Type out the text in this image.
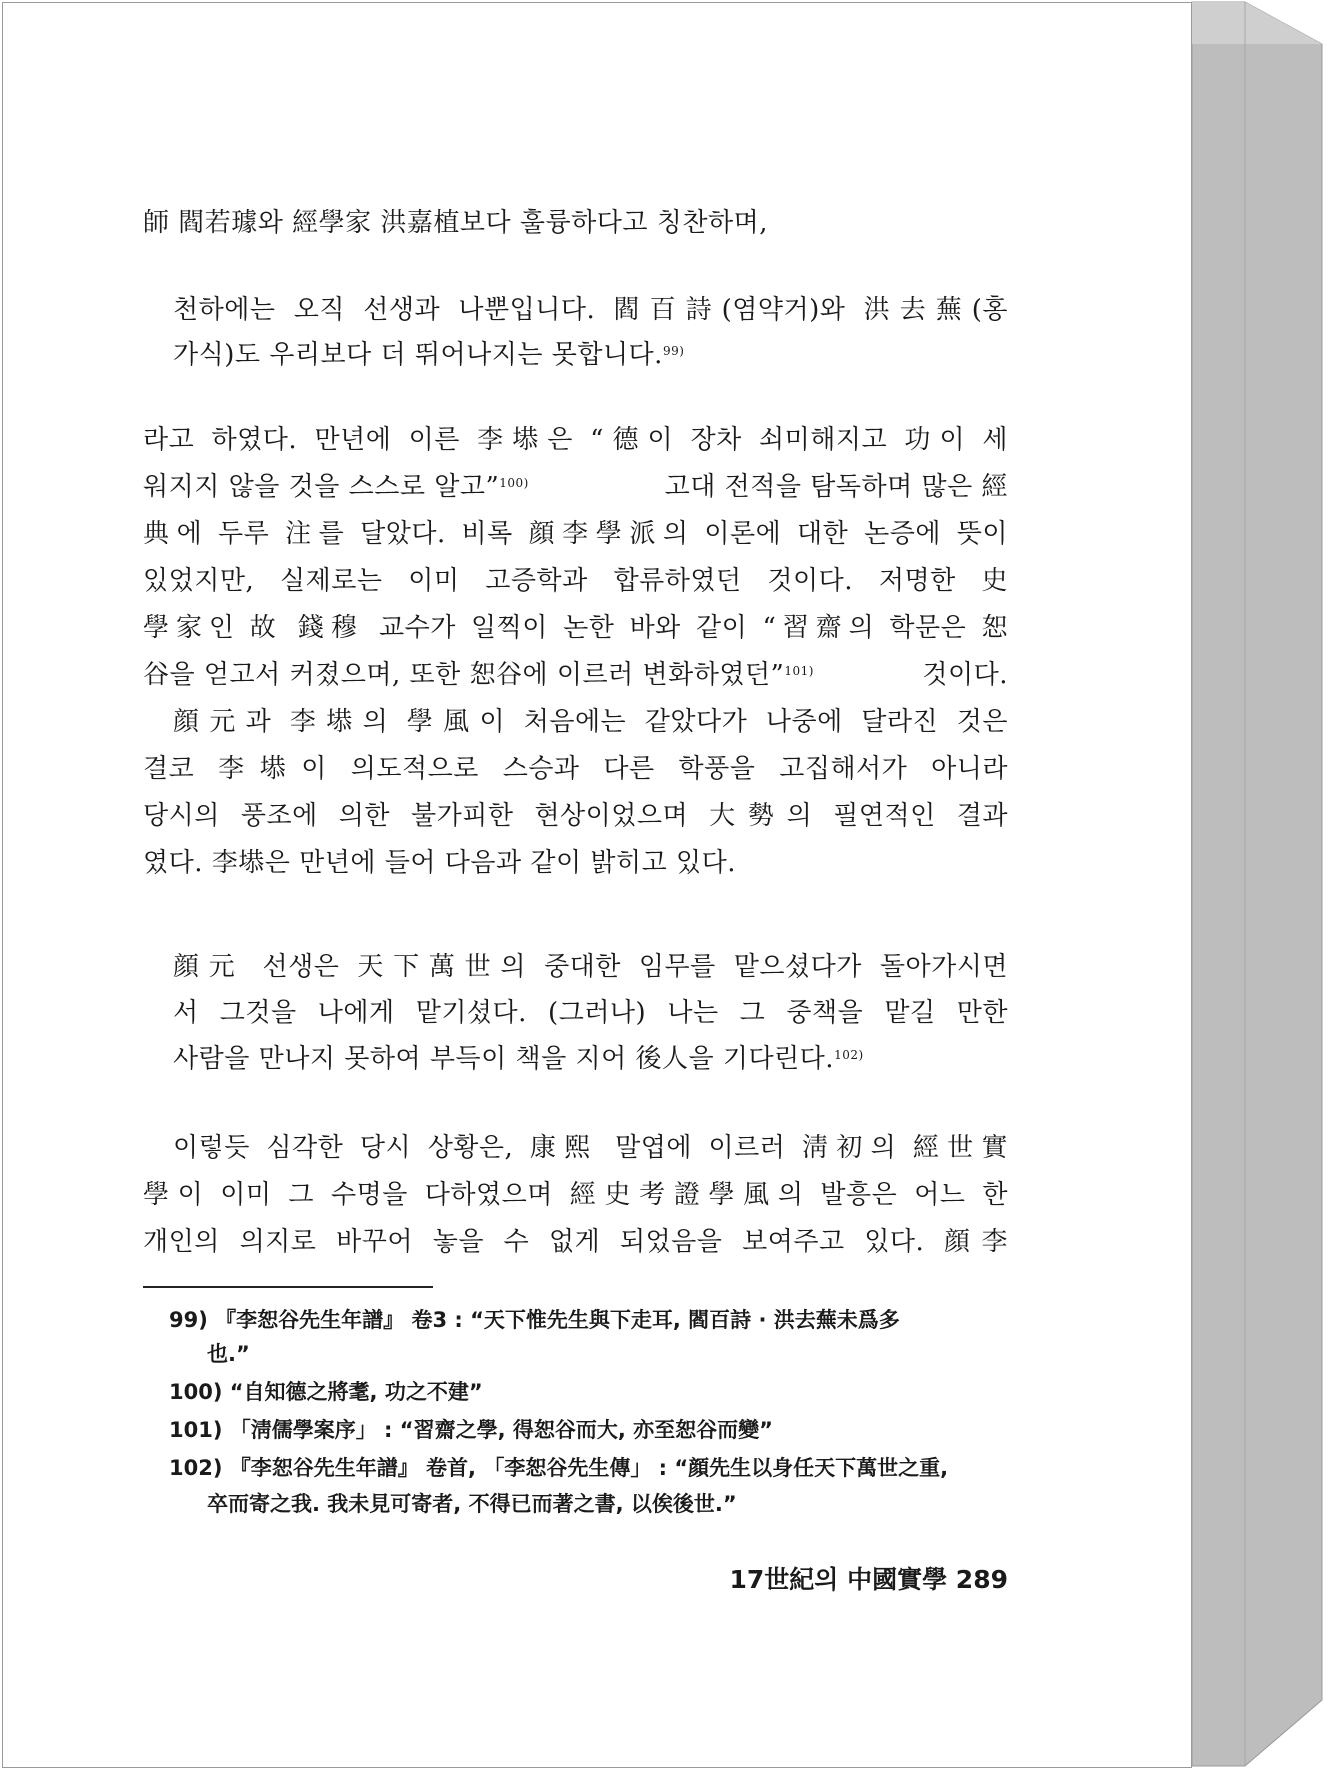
師 閻若璩와 經學家 洪嘉植보다 훌륭하다고 칭찬하며,
천하에는 오직 선생과 나뿐입니다. 閻百詩(염약거)와 洪去蕪(홍
가식)도 우리보다 더 뛰어나지는 못합니다.$^{99)}$
라고 하였다. 만년에 이른 李塨은 “德이 장차 쇠미해지고 功이 세
워지지 않을 것을 스스로 알고”$^{100)}$	고대 전적을 탐독하며 많은 經
典에 두루 注를 달았다. 비록 顔李學派의 이론에 대한 논증에 뜻이
있었지만, 실제로는 이미 고증학과 합류하였던 것이다. 저명한 史
學家인 故 錢穆 교수가 일찍이 논한 바와 같이 “習齋의 학문은 恕
谷을 얻고서 커졌으며, 또한 恕谷에 이르러 변화하였던”$^{101)}$	것이다.
顔元과 李塨의 學風이 처음에는 같았다가 나중에 달라진 것은
결코 李塨이 의도적으로 스승과 다른 학풍을 고집해서가 아니라
당시의 풍조에 의한 불가피한 현상이었으며 大勢의 필연적인 결과
였다. 李塨은 만년에 들어 다음과 같이 밝히고 있다.
顔元 선생은 天下萬世의 중대한 임무를 맡으셨다가 돌아가시면
서 그것을 나에게 맡기셨다. (그러나) 나는 그 중책을 맡길 만한
사람을 만나지 못하여 부득이 책을 지어 後人을 기다린다.$^{102)}$
이렇듯 심각한 당시 상황은, 康熙 말엽에 이르러 淸初의 經世實
學이 이미 그 수명을 다하였으며 經史考證學風의 발흥은 어느 한
개인의 의지로 바꾸어 놓을 수 없게 되었음을 보여주고 있다. 顔李
99) 『李恕谷先生年譜』 卷3 : “天下惟先生與下走耳, 閻百詩 · 洪去蕪未爲多
也.”
100) “自知德之將耄, 功之不建”
101) 「淸儒學案序」 : “習齋之學, 得恕谷而大, 亦至恕谷而變”
102) 『李恕谷先生年譜』 卷首, 「李恕谷先生傳」 : “顔先生以身任天下萬世之重,
卒而寄之我. 我未見可寄者, 不得已而著之書, 以俟後世.”
17世紀의 中國實學 289
